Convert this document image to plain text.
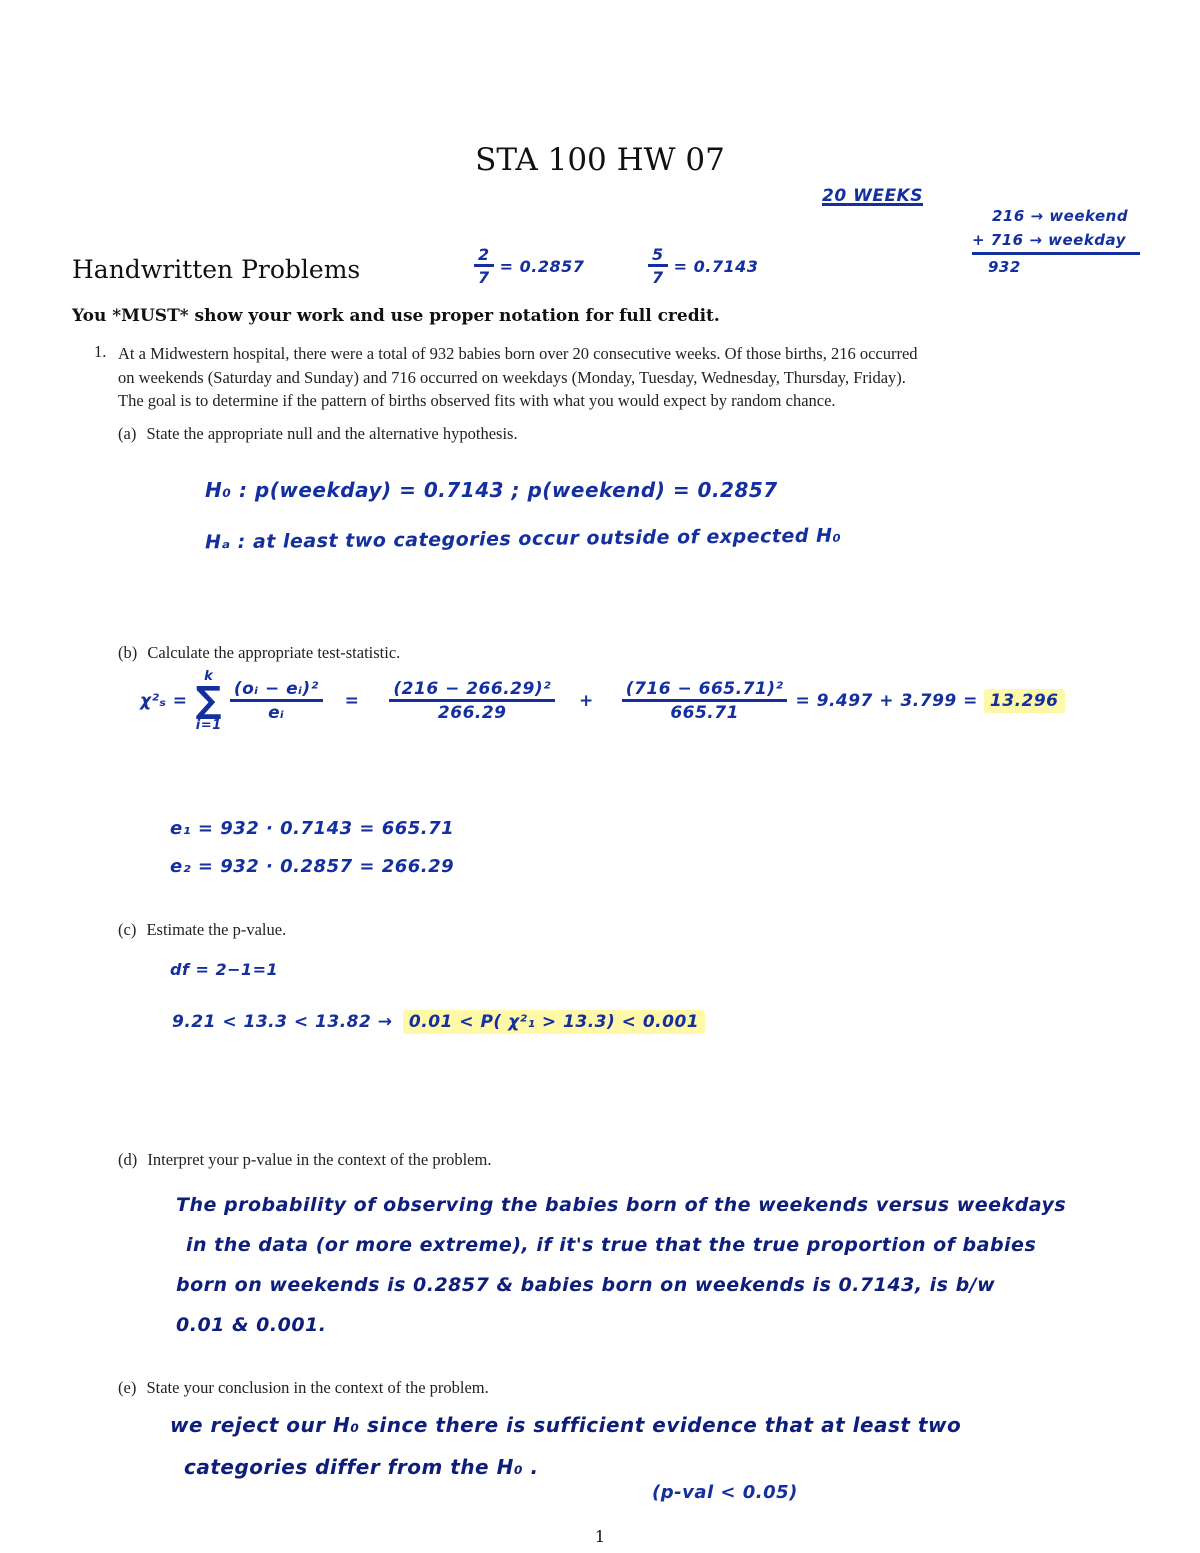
STA 100 HW 07
20 WEEKS
Handwritten Problems	$\frac{2}{7} = 0.2857$	$\frac{5}{7} = 0.7143$
216 → weekend
+ 716 → weekday
932
You *MUST* show your work and use proper notation for full credit.
1. At a Midwestern hospital, there were a total of 932 babies born over 20 consecutive weeks. Of those births, 216 occurred
on weekends (Saturday and Sunday) and 716 occurred on weekdays (Monday, Tuesday, Wednesday, Thursday, Friday).
The goal is to determine if the pattern of births observed fits with what you would expect by random chance.
(a) State the appropriate null and the alternative hypothesis.
H₀ : p(weekday) = 0.7143 ; p(weekend) = 0.2857
Hₐ : at least two categories occur outside of expected H₀
(b) Calculate the appropriate test-statistic.
χ²ₛ =
k
∑
i=1
$\frac{\text{(oᵢ − eᵢ)²}}{\text{eᵢ}} = \frac{\text{(216 − 266.29)²}}{266.29} + \frac{\text{(716 − 665.71)²}}{665.71} = 9.497 + 3.799 = 13.296$
e₁ = 932 · 0.7143 = 665.71
e₂ = 932 · 0.2857 = 266.29
(c) Estimate the p-value.
df = 2−1=1
9.21 < 13.3 < 13.82 → 0.01 < P( χ²₁ > 13.3) < 0.001
(d) Interpret your p-value in the context of the problem.
The probability of observing the babies born of the weekends versus weekdays
in the data (or more extreme), if it's true that the true proportion of babies
born on weekends is 0.2857 & babies born on weekends is 0.7143, is b/w
0.01 & 0.001.
(e) State your conclusion in the context of the problem.
we reject our H₀ since there is sufficient evidence that at least two
categories differ from the H₀ .
(p-val < 0.05)
1
